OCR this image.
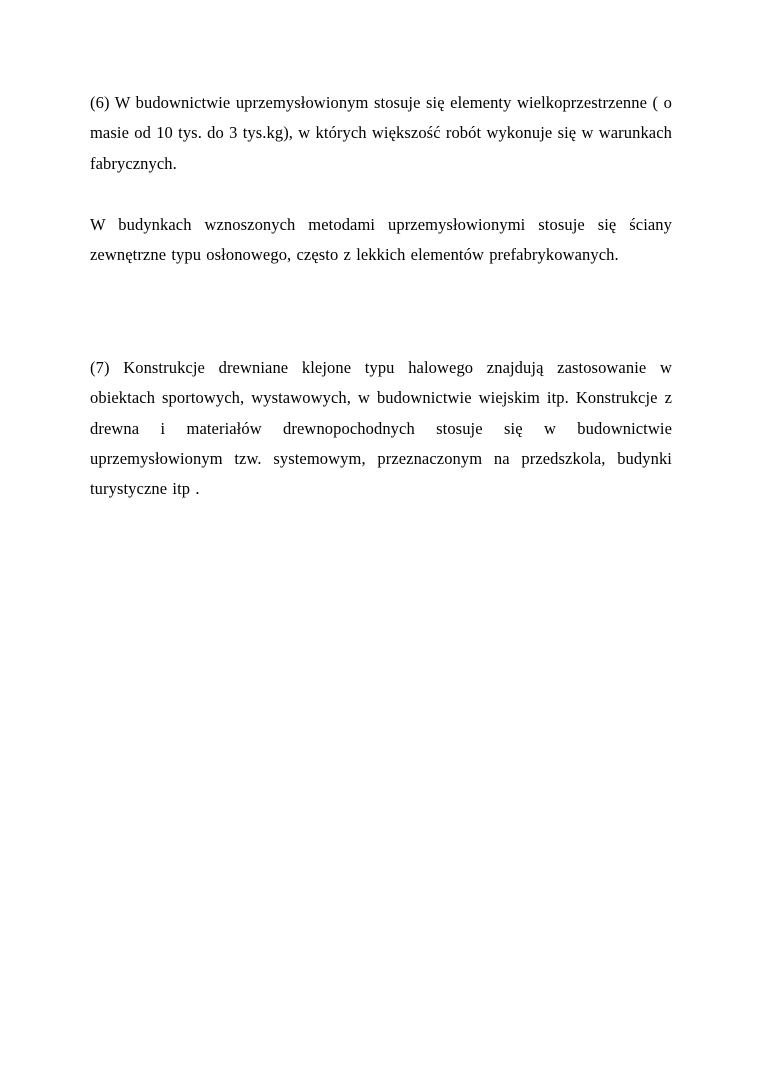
(6) W budownictwie uprzemysłowionym stosuje się elementy wielkoprzestrzenne ( o masie od 10 tys. do 3 tys.kg), w których większość robót wykonuje się w warunkach fabrycznych.

W budynkach wznoszonych metodami uprzemysłowionymi stosuje się ściany zewnętrzne typu osłonowego, często z lekkich elementów prefabrykowanych.

(7) Konstrukcje drewniane klejone typu halowego znajdują zastosowanie w obiektach sportowych, wystawowych, w budownictwie wiejskim itp. Konstrukcje z drewna i materiałów drewnopochodnych stosuje się w budownictwie uprzemysłowionym tzw. systemowym, przeznaczonym na przedszkola, budynki turystyczne itp .
